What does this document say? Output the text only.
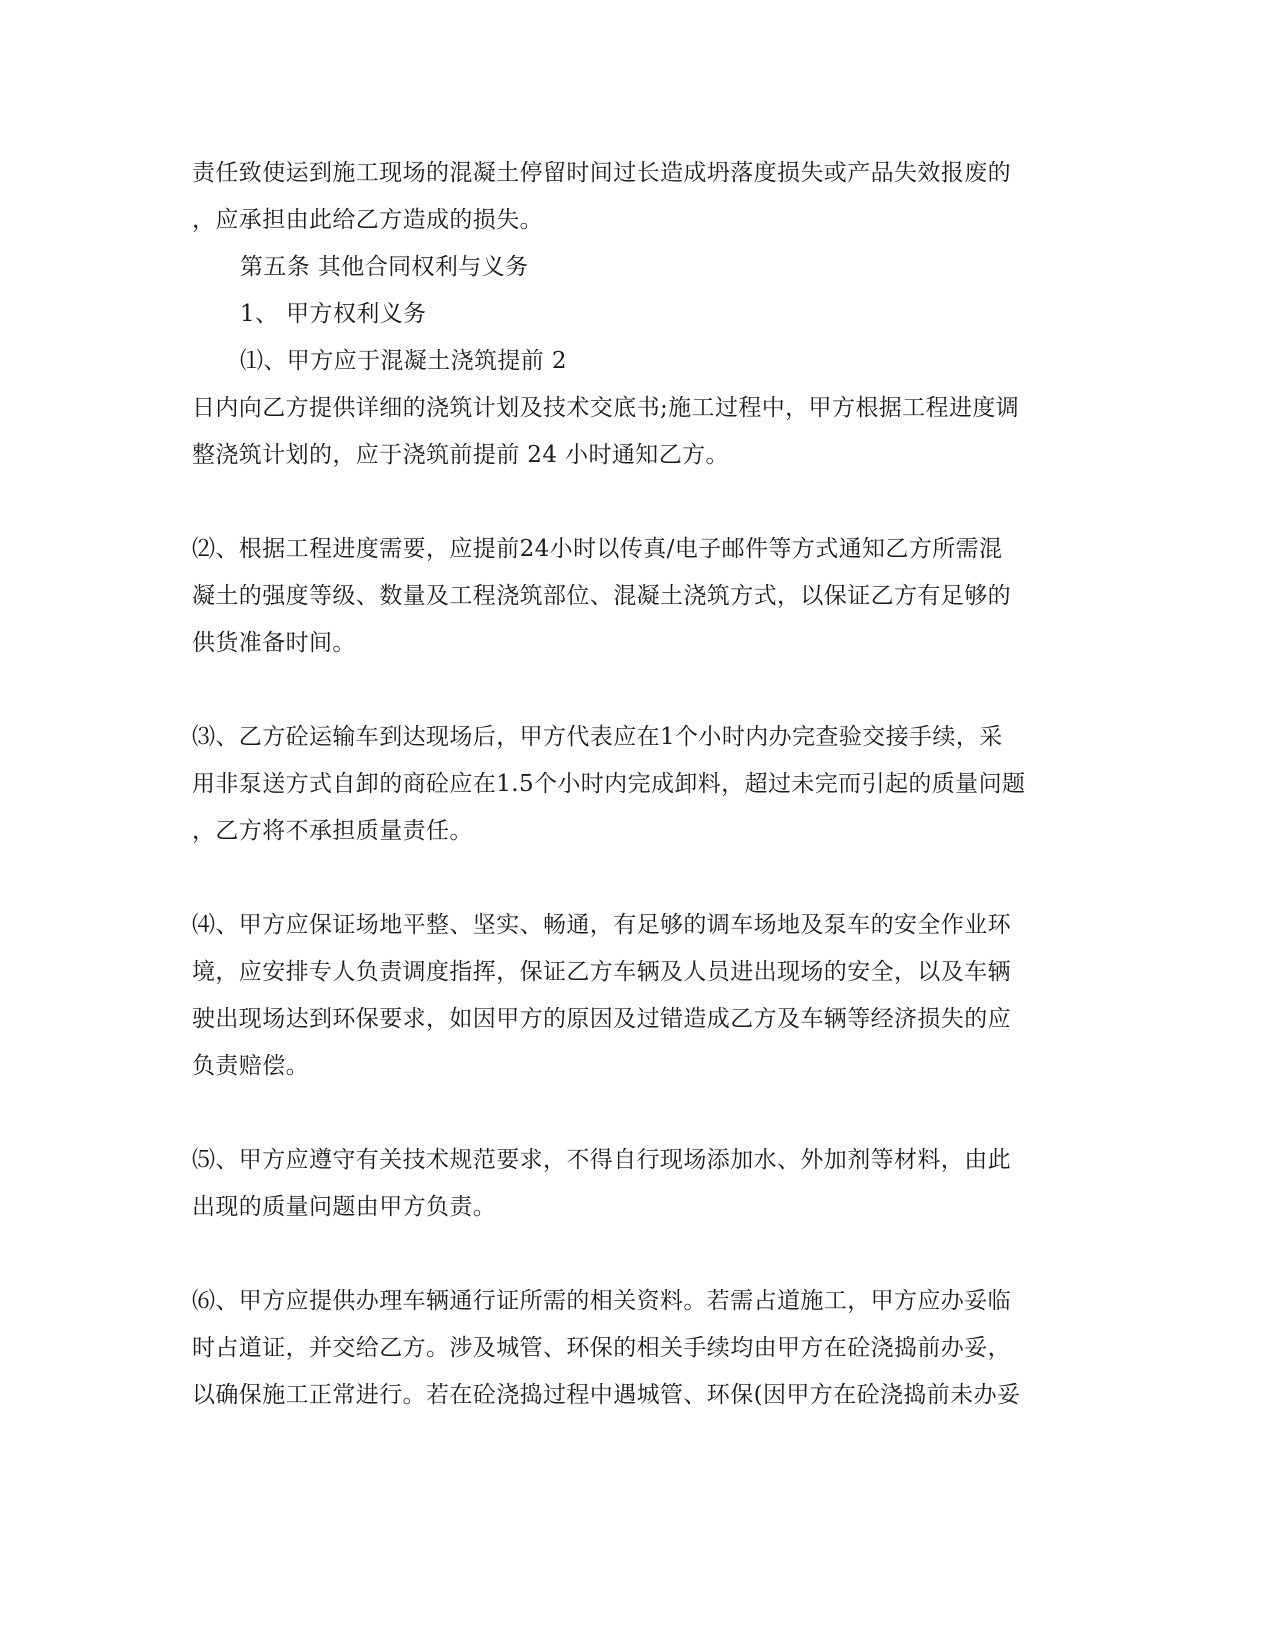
责任致使运到施工现场的混凝土停留时间过长造成坍落度损失或产品失效报废的
，应承担由此给乙方造成的损失。
第五条 其他合同权利与义务
1、 甲方权利义务
⑴、甲方应于混凝土浇筑提前 2
日内向乙方提供详细的浇筑计划及技术交底书;施工过程中，甲方根据工程进度调
整浇筑计划的，应于浇筑前提前 24 小时通知乙方。
⑵、根据工程进度需要，应提前24小时以传真/电子邮件等方式通知乙方所需混
凝土的强度等级、数量及工程浇筑部位、混凝土浇筑方式，以保证乙方有足够的
供货准备时间。
⑶、乙方砼运输车到达现场后，甲方代表应在1个小时内办完查验交接手续，采
用非泵送方式自卸的商砼应在1.5个小时内完成卸料，超过未完而引起的质量问题
，乙方将不承担质量责任。
⑷、甲方应保证场地平整、坚实、畅通，有足够的调车场地及泵车的安全作业环
境，应安排专人负责调度指挥，保证乙方车辆及人员进出现场的安全，以及车辆
驶出现场达到环保要求，如因甲方的原因及过错造成乙方及车辆等经济损失的应
负责赔偿。
⑸、甲方应遵守有关技术规范要求，不得自行现场添加水、外加剂等材料，由此
出现的质量问题由甲方负责。
⑹、甲方应提供办理车辆通行证所需的相关资料。若需占道施工，甲方应办妥临
时占道证，并交给乙方。涉及城管、环保的相关手续均由甲方在砼浇捣前办妥，
以确保施工正常进行。若在砼浇捣过程中遇城管、环保(因甲方在砼浇捣前未办妥
